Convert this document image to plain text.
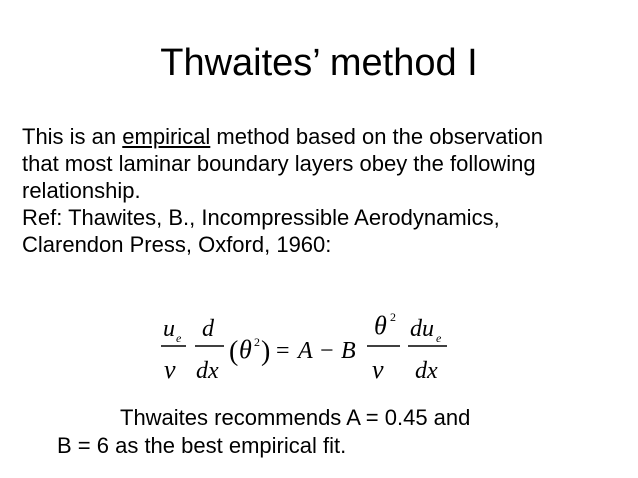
Thwaites’ method I
This is an empirical method based on the observation
that most laminar boundary layers obey the following
relationship.
Ref: Thawites, B., Incompressible Aerodynamics,
Clarendon Press, Oxford, 1960:
u e
ν
d
dx
( θ 2 ) = A − B
θ 2
ν
du e
dx
Thwaites recommends A = 0.45 and
B = 6 as the best empirical fit.
